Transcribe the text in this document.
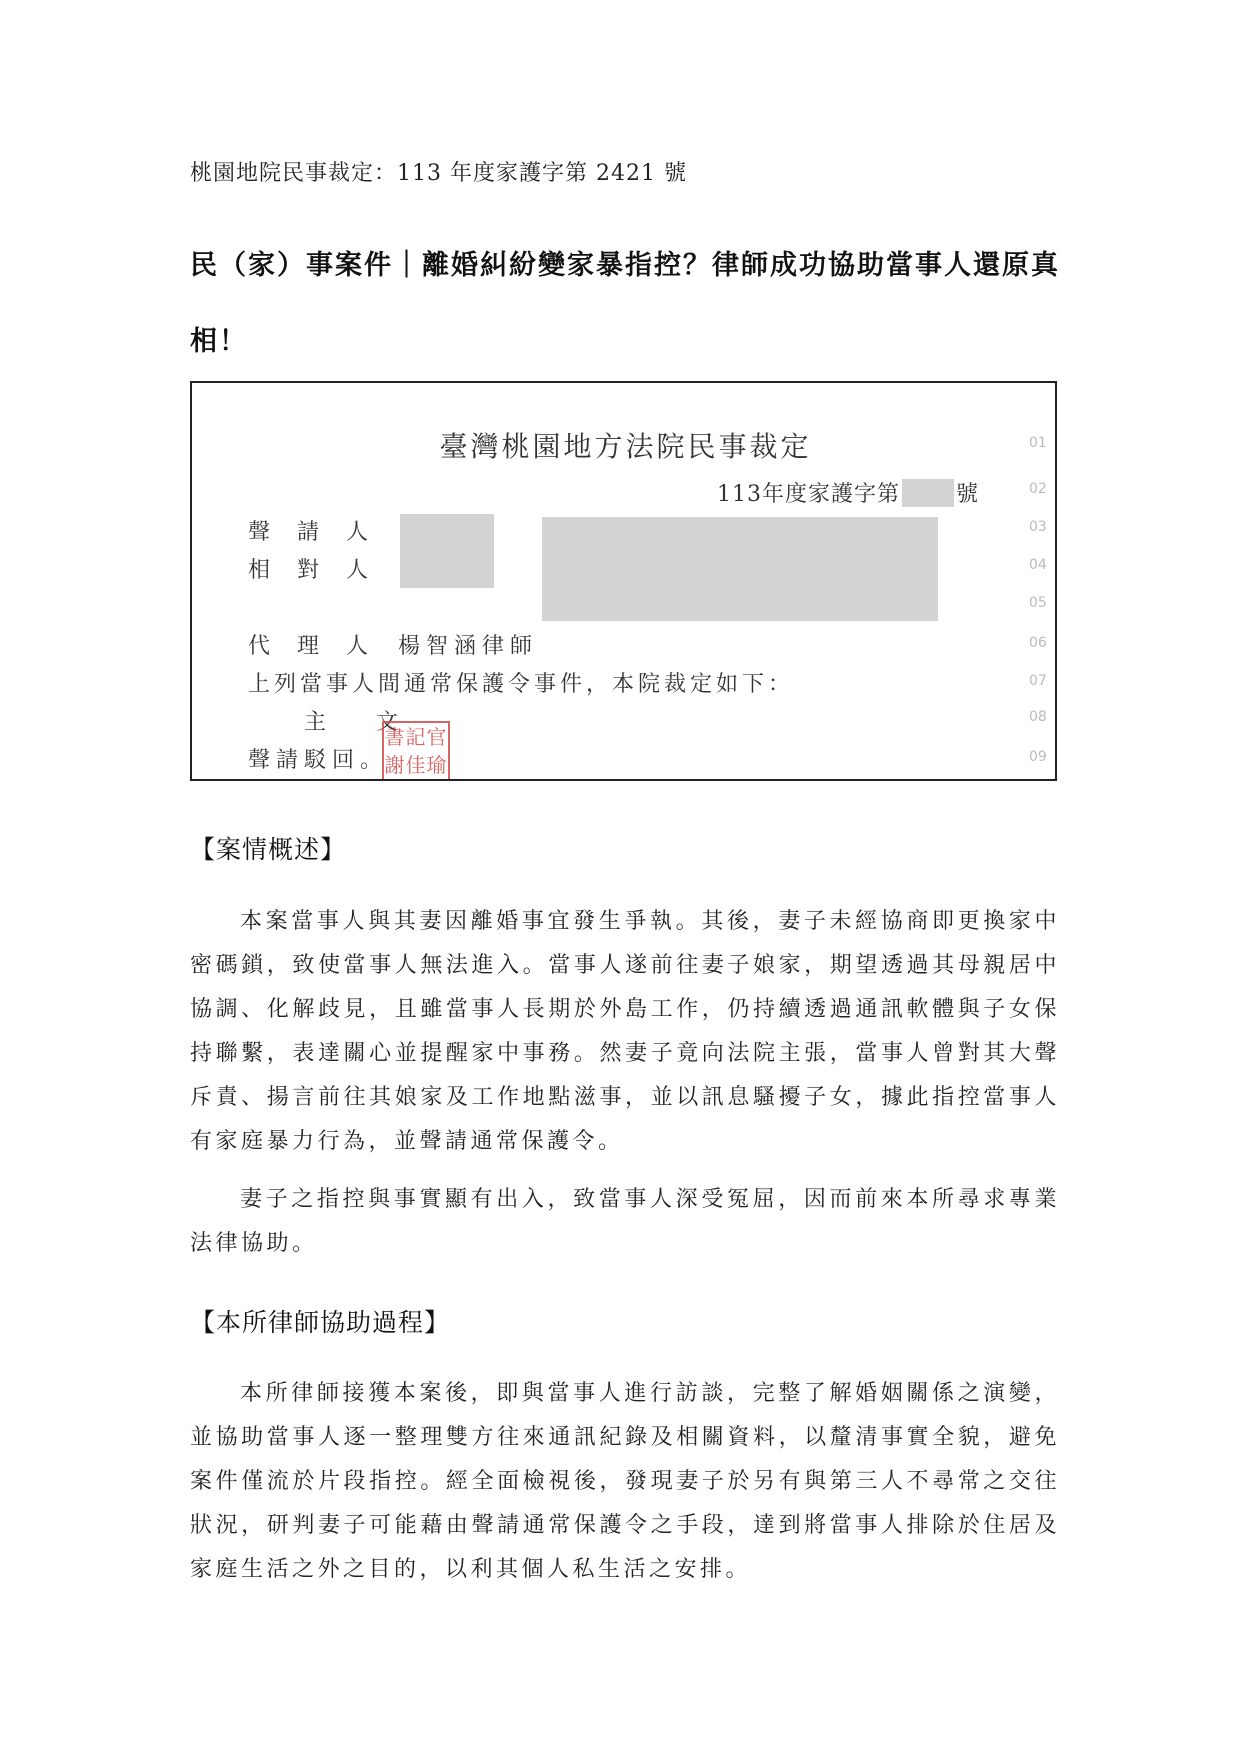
桃園地院民事裁定：113 年度家護字第 2421 號
民（家）事案件｜離婚糾紛變家暴指控？律師成功協助當事人還原真相！
臺灣桃園地方法院民事裁定
113年度家護字第	號
聲請人
相對人
代理人 楊智涵律師
上列當事人間通常保護令事件，本院裁定如下：
主　文
聲請駁回。
書記官
謝佳瑜
01
02
03
04
05
06
07
08
09
【案情概述】

本案當事人與其妻因離婚事宜發生爭執。其後，妻子未經協商即更換家中密碼鎖，致使當事人無法進入。當事人遂前往妻子娘家，期望透過其母親居中協調、化解歧見，且雖當事人長期於外島工作，仍持續透過通訊軟體與子女保持聯繫，表達關心並提醒家中事務。然妻子竟向法院主張，當事人曾對其大聲斥責、揚言前往其娘家及工作地點滋事，並以訊息騷擾子女，據此指控當事人有家庭暴力行為，並聲請通常保護令。

妻子之指控與事實顯有出入，致當事人深受冤屈，因而前來本所尋求專業法律協助。

【本所律師協助過程】

本所律師接獲本案後，即與當事人進行訪談，完整了解婚姻關係之演變，並協助當事人逐一整理雙方往來通訊紀錄及相關資料，以釐清事實全貌，避免案件僅流於片段指控。經全面檢視後，發現妻子於另有與第三人不尋常之交往狀況，研判妻子可能藉由聲請通常保護令之手段，達到將當事人排除於住居及家庭生活之外之目的，以利其個人私生活之安排。
